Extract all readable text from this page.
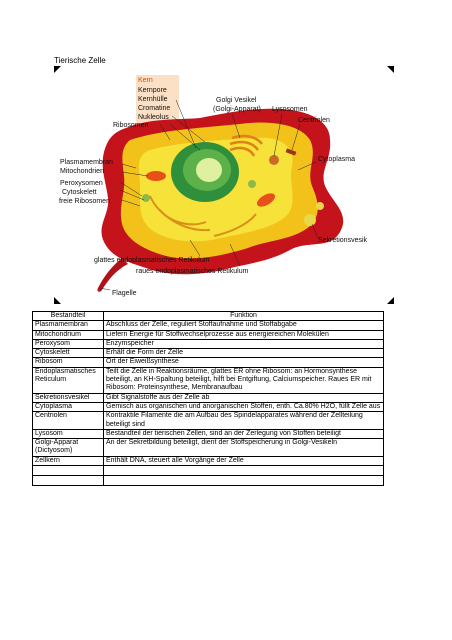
Tierische Zelle
Kern
Kernpore
Kernhülle
Cromatine
Nukleolus
Golgi Vesikel
(Golgi-Apparat) Lysosomen
Centriolen
Ribosomen
Plasmamembran
Mitochondrien
Peroxysomen
Cytoskelett
freie Ribosomen
Cytoplasma
Sekretionsvesik
glattes endoplasmatisches Retikulum
raues endoplasmatisches Retikulum
Flagelle
Bestandteil	Funktion
Plasmamembran	Abschluss der Zelle, reguliert Stoffaufnahme und Stoffabgabe
Mitochondrium	Liefern Energie für Stoffwechselprozesse aus energiereichen Molekülen
Peroxysom	Enzymspeicher
Cytoskelett	Erhält die Form der Zelle
Ribosom	Ort der Eiweißsynthese
Endoplasmatisches Reticulum	Teilt die Zelle in Reaktionsräume, glattes ER ohne Ribosom: an Hormonsynthese beteiligt, an KH-Spaltung beteiligt, hilft bei Entgiftung, Calciumspeicher. Raues ER mit Ribosom: Proteinsynthese, Membranaufbau
Sekretionsvesikel	Gibt Signalstoffe aus der Zelle ab
Cytoplasma	Gemisch aus organischen und anorganischen Stoffen, enth. Ca.80% H2O, füllt Zelle aus
Centriolen	Kontraktile Filamente die am Aufbau des Spindelapparates während der Zellteilung beteiligt sind
Lysosom	Bestandteil der tierischen Zellen, sind an der Zerlegung von Stoffen beteiligt
Golgi-Apparat (Dictyosom)	An der Sekretbildung beteiligt, dient der Stoffspeicherung in Golgi-Vesikeln
Zellkern	Enthält DNA, steuert alle Vorgänge der Zelle
